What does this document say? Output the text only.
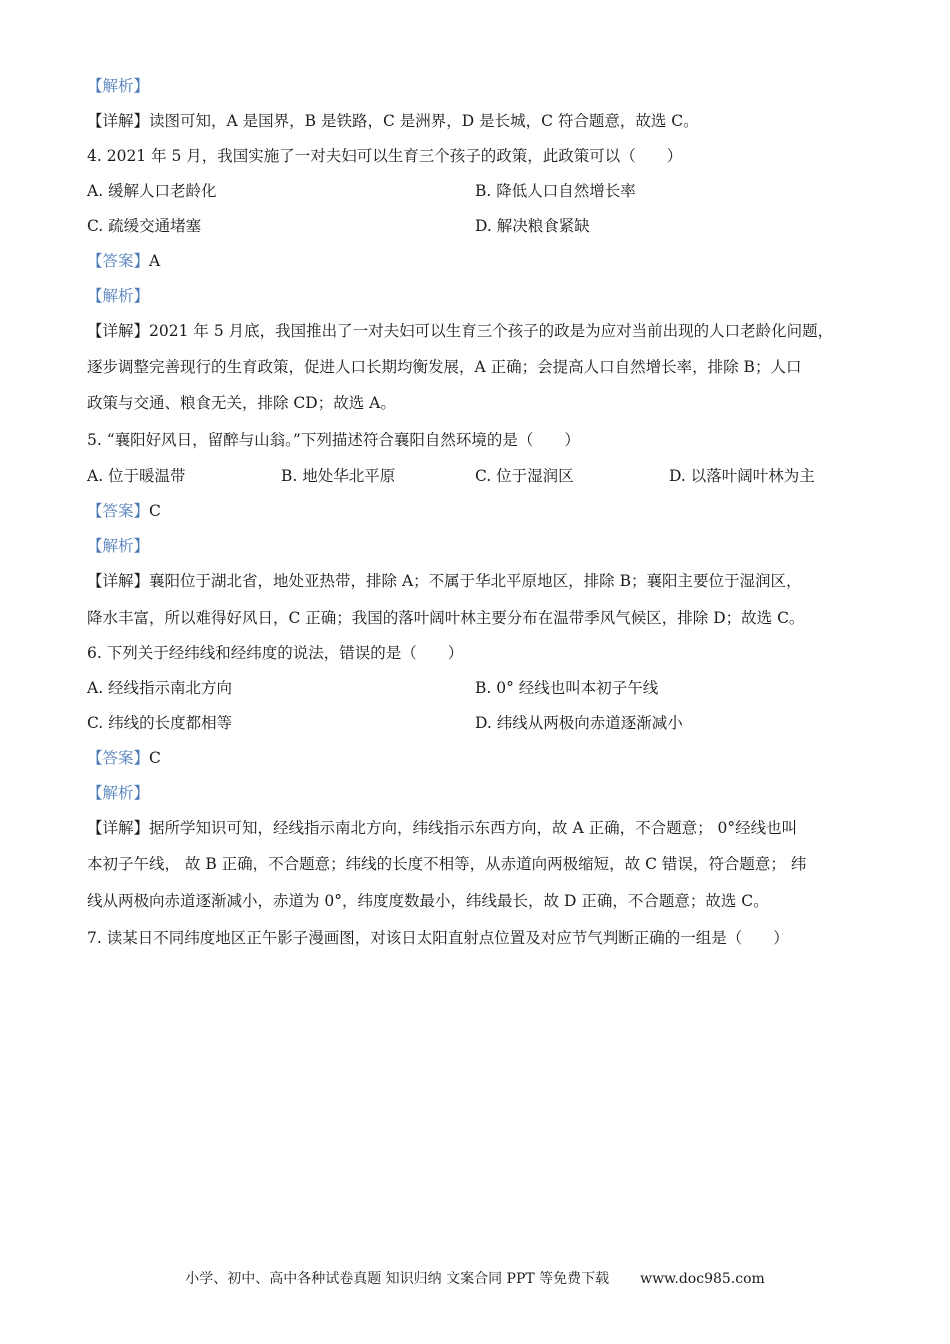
【解析】
【详解】读图可知，A 是国界，B 是铁路，C 是洲界，D 是长城，C 符合题意，故选 C。
4. 2021 年 5 月，我国实施了一对夫妇可以生育三个孩子的政策，此政策可以（　　）
A. 缓解人口老龄化	B. 降低人口自然增长率
C. 疏缓交通堵塞	D. 解决粮食紧缺
【答案】A
【解析】
【详解】2021 年 5 月底，我国推出了一对夫妇可以生育三个孩子的政是为应对当前出现的人口老龄化问题，
逐步调整完善现行的生育政策，促进人口长期均衡发展，A 正确；会提高人口自然增长率，排除 B；人口
政策与交通、粮食无关，排除 CD；故选 A。
5. “襄阳好风日，留醉与山翁。”下列描述符合襄阳自然环境的是（　　）
A. 位于暖温带	B. 地处华北平原	C. 位于湿润区	D. 以落叶阔叶林为主
【答案】C
【解析】
【详解】襄阳位于湖北省，地处亚热带，排除 A；不属于华北平原地区，排除 B；襄阳主要位于湿润区，
降水丰富，所以难得好风日，C 正确；我国的落叶阔叶林主要分布在温带季风气候区，排除 D；故选 C。
6. 下列关于经纬线和经纬度的说法，错误的是（　　）
A. 经线指示南北方向	B. 0° 经线也叫本初子午线
C. 纬线的长度都相等	D. 纬线从两极向赤道逐渐减小
【答案】C
【解析】
【详解】据所学知识可知，经线指示南北方向，纬线指示东西方向，故 A 正确，不合题意； 0°经线也叫
本初子午线， 故 B 正确，不合题意；纬线的长度不相等，从赤道向两极缩短，故 C 错误，符合题意； 纬
线从两极向赤道逐渐减小，赤道为 0°，纬度度数最小，纬线最长，故 D 正确，不合题意；故选 C。
7. 读某日不同纬度地区正午影子漫画图，对该日太阳直射点位置及对应节气判断正确的一组是（　　）
小学、初中、高中各种试卷真题 知识归纳 文案合同 PPT 等免费下载 www.doc985.com
